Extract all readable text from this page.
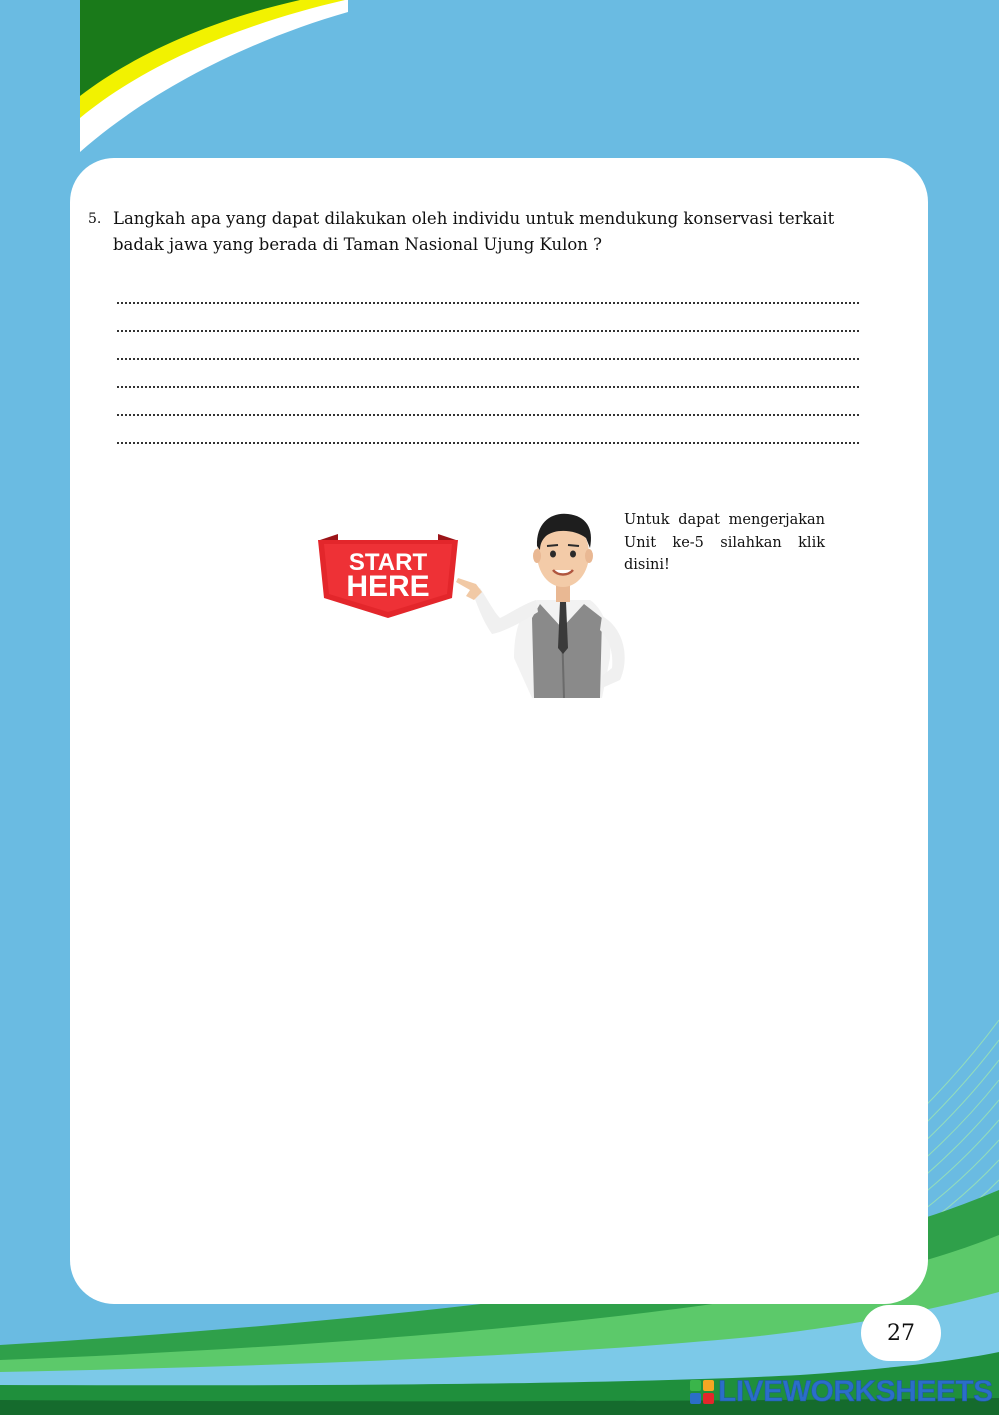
5. Langkah apa yang dapat dilakukan oleh individu untuk mendukung konservasi terkait badak jawa yang berada di Taman Nasional Ujung Kulon ?
START
HERE
Untuk dapat mengerjakan Unit ke-5 silahkan klik disini!
27
LIVEWORKSHEETS
